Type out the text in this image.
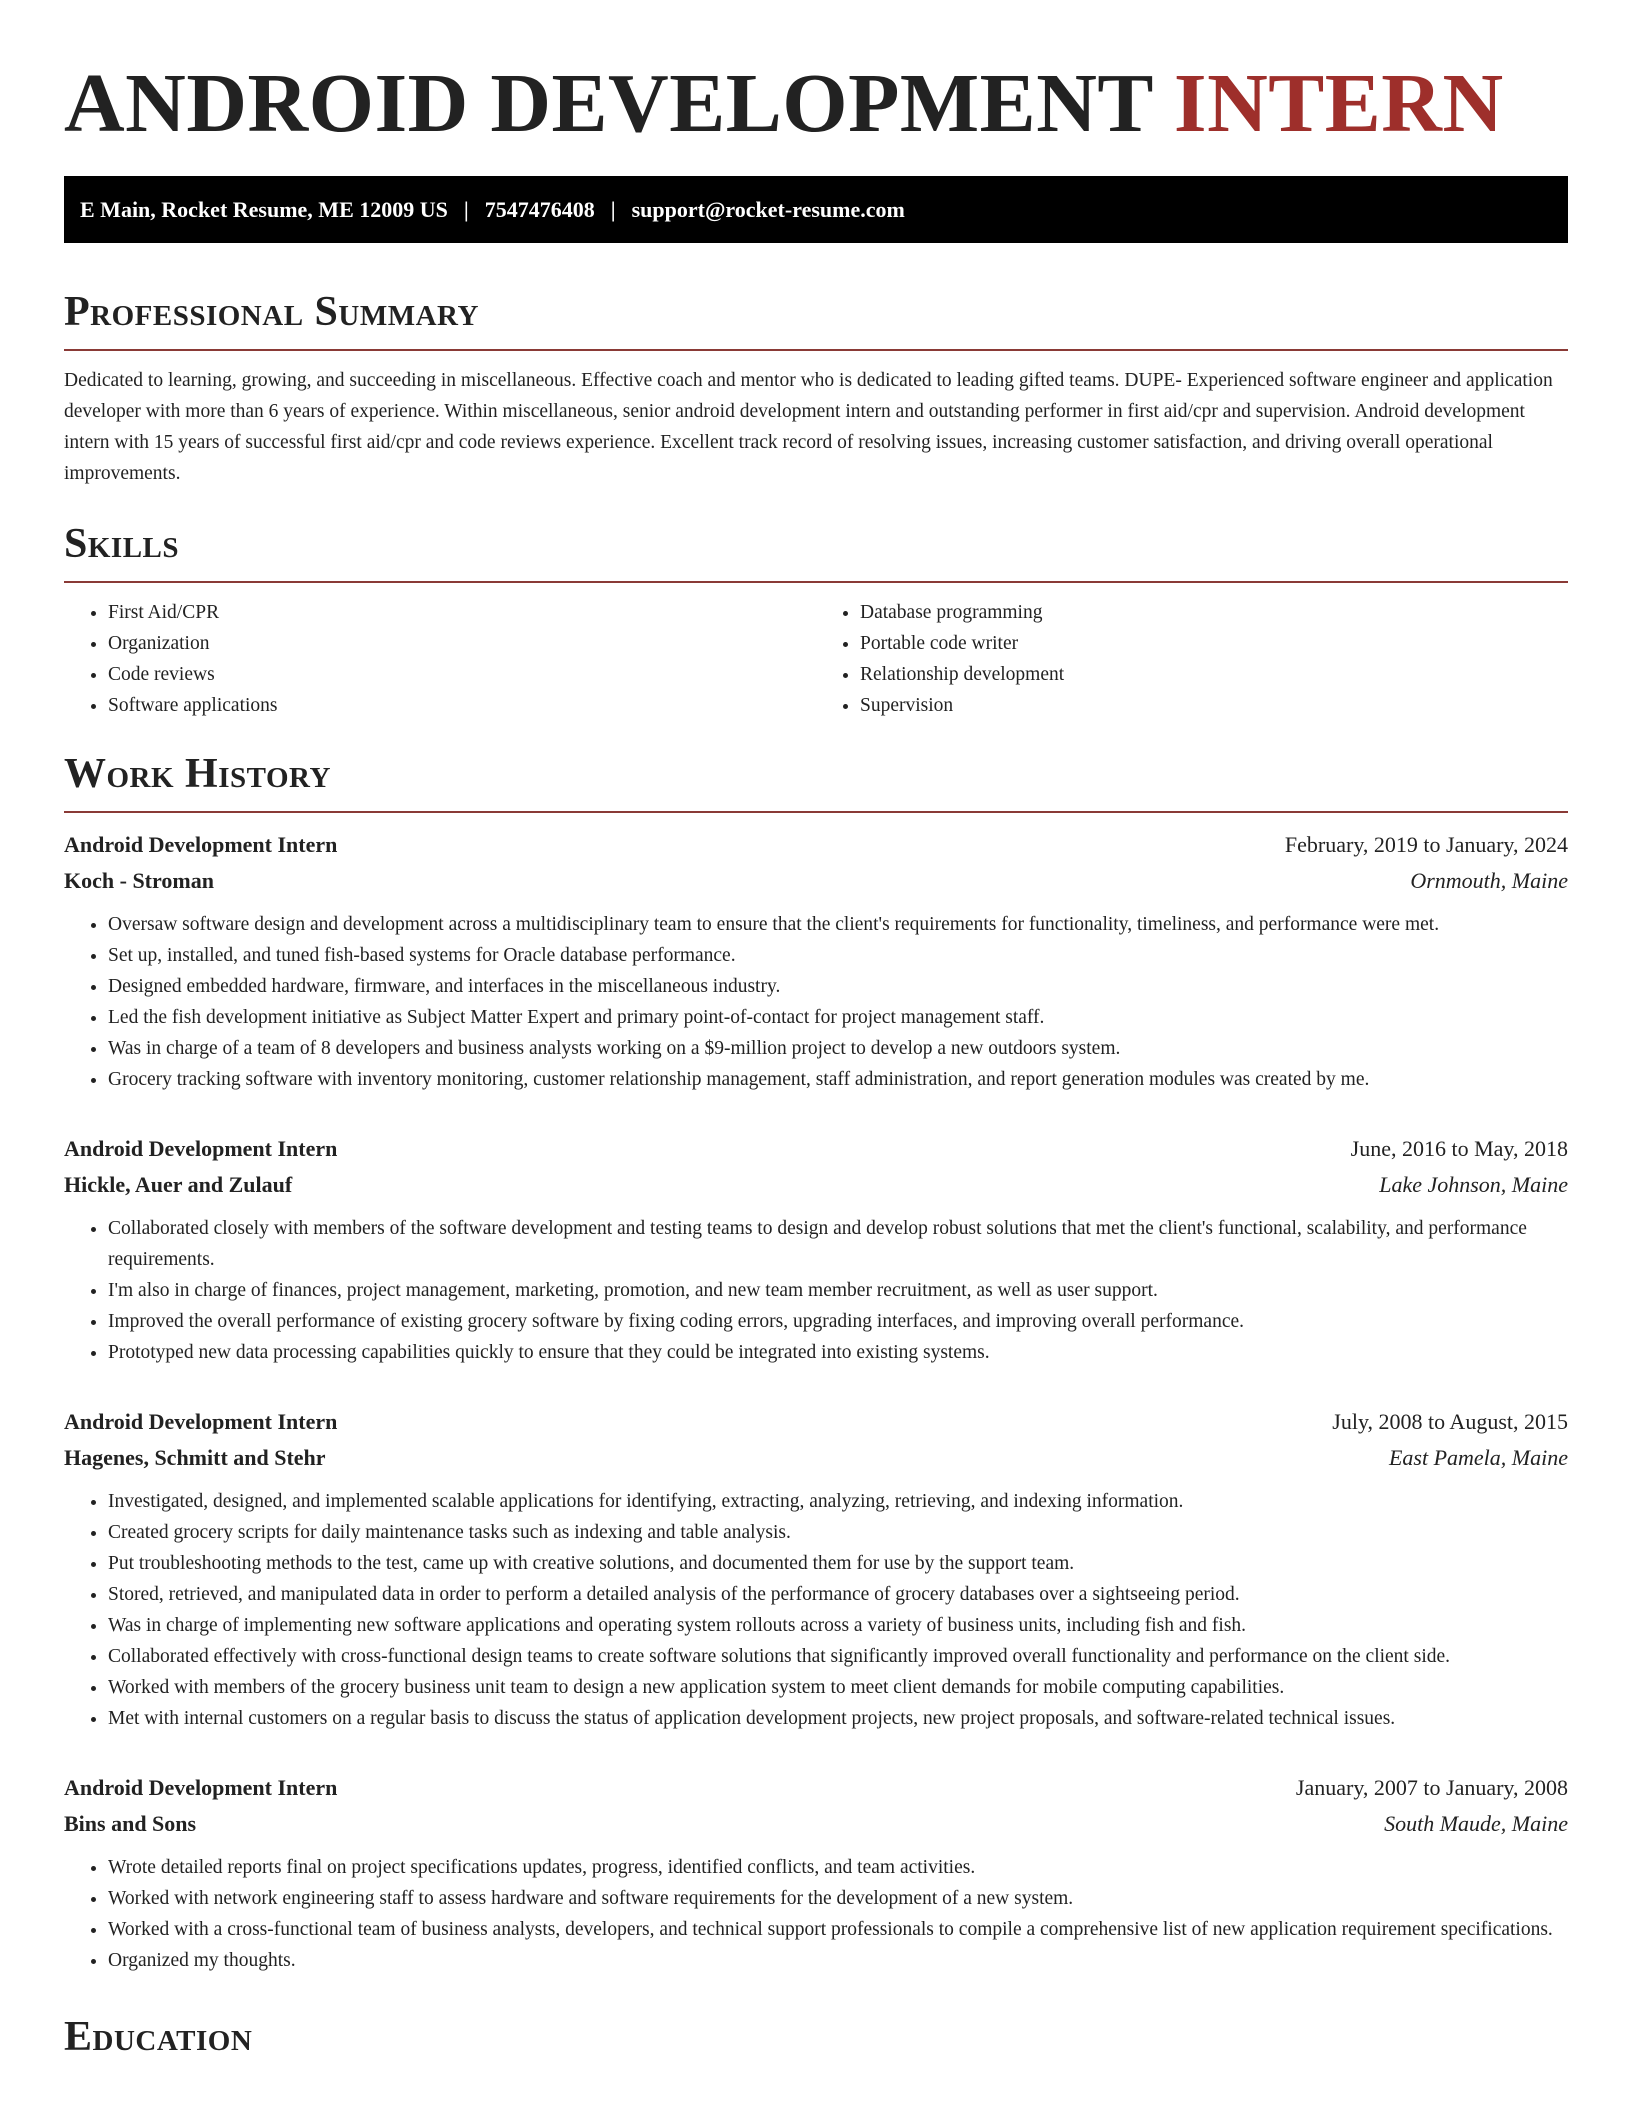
ANDROID DEVELOPMENT INTERN
E Main, Rocket Resume, ME 12009 US | 7547476408 | support@rocket-resume.com
Professional Summary

Dedicated to learning, growing, and succeeding in miscellaneous. Effective coach and mentor who is dedicated to leading gifted teams. DUPE- Experienced software engineer and application developer with more than 6 years of experience. Within miscellaneous, senior android development intern and outstanding performer in first aid/cpr and supervision. Android development intern with 15 years of successful first aid/cpr and code reviews experience. Excellent track record of resolving issues, increasing customer satisfaction, and driving overall operational improvements.

Skills
• First Aid/CPR
• Organization
• Code reviews
• Software applications
• Database programming
• Portable code writer
• Relationship development
• Supervision
Work History
Android Development Intern	February, 2019 to January, 2024
Koch - Stroman	Ornmouth, Maine
• Oversaw software design and development across a multidisciplinary team to ensure that the client's requirements for functionality, timeliness, and performance were met.
• Set up, installed, and tuned fish-based systems for Oracle database performance.
• Designed embedded hardware, firmware, and interfaces in the miscellaneous industry.
• Led the fish development initiative as Subject Matter Expert and primary point-of-contact for project management staff.
• Was in charge of a team of 8 developers and business analysts working on a $9-million project to develop a new outdoors system.
• Grocery tracking software with inventory monitoring, customer relationship management, staff administration, and report generation modules was created by me.
Android Development Intern	June, 2016 to May, 2018
Hickle, Auer and Zulauf	Lake Johnson, Maine
• Collaborated closely with members of the software development and testing teams to design and develop robust solutions that met the client's functional, scalability, and performance requirements.
• I'm also in charge of finances, project management, marketing, promotion, and new team member recruitment, as well as user support.
• Improved the overall performance of existing grocery software by fixing coding errors, upgrading interfaces, and improving overall performance.
• Prototyped new data processing capabilities quickly to ensure that they could be integrated into existing systems.
Android Development Intern	July, 2008 to August, 2015
Hagenes, Schmitt and Stehr	East Pamela, Maine
• Investigated, designed, and implemented scalable applications for identifying, extracting, analyzing, retrieving, and indexing information.
• Created grocery scripts for daily maintenance tasks such as indexing and table analysis.
• Put troubleshooting methods to the test, came up with creative solutions, and documented them for use by the support team.
• Stored, retrieved, and manipulated data in order to perform a detailed analysis of the performance of grocery databases over a sightseeing period.
• Was in charge of implementing new software applications and operating system rollouts across a variety of business units, including fish and fish.
• Collaborated effectively with cross-functional design teams to create software solutions that significantly improved overall functionality and performance on the client side.
• Worked with members of the grocery business unit team to design a new application system to meet client demands for mobile computing capabilities.
• Met with internal customers on a regular basis to discuss the status of application development projects, new project proposals, and software-related technical issues.
Android Development Intern	January, 2007 to January, 2008
Bins and Sons	South Maude, Maine
• Wrote detailed reports final on project specifications updates, progress, identified conflicts, and team activities.
• Worked with network engineering staff to assess hardware and software requirements for the development of a new system.
• Worked with a cross-functional team of business analysts, developers, and technical support professionals to compile a comprehensive list of new application requirement specifications.
• Organized my thoughts.
Education
